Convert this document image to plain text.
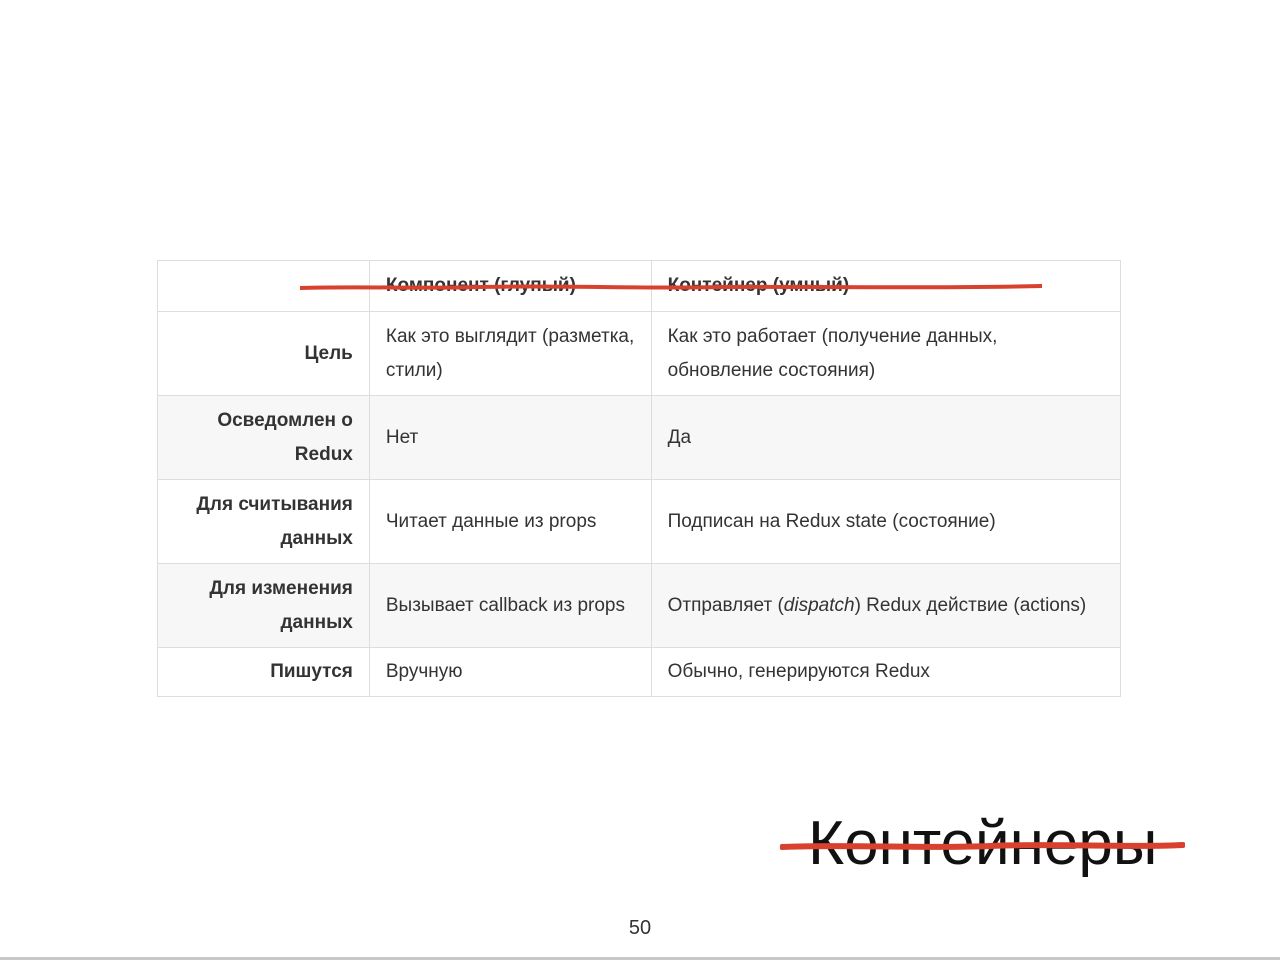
	Компонент (глупый)	Контейнер (умный)
Цель	Как это выглядит (разметка, стили)	Как это работает (получение данных, обновление состояния)
Осведомлен о Redux	Нет	Да
Для считывания данных	Читает данные из props	Подписан на Redux state (состояние)
Для изменения данных	Вызывает callback из props	Отправляет (dispatch) Redux действие (actions)
Пишутся	Вручную	Обычно, генерируются Redux
Контейнеры
50
